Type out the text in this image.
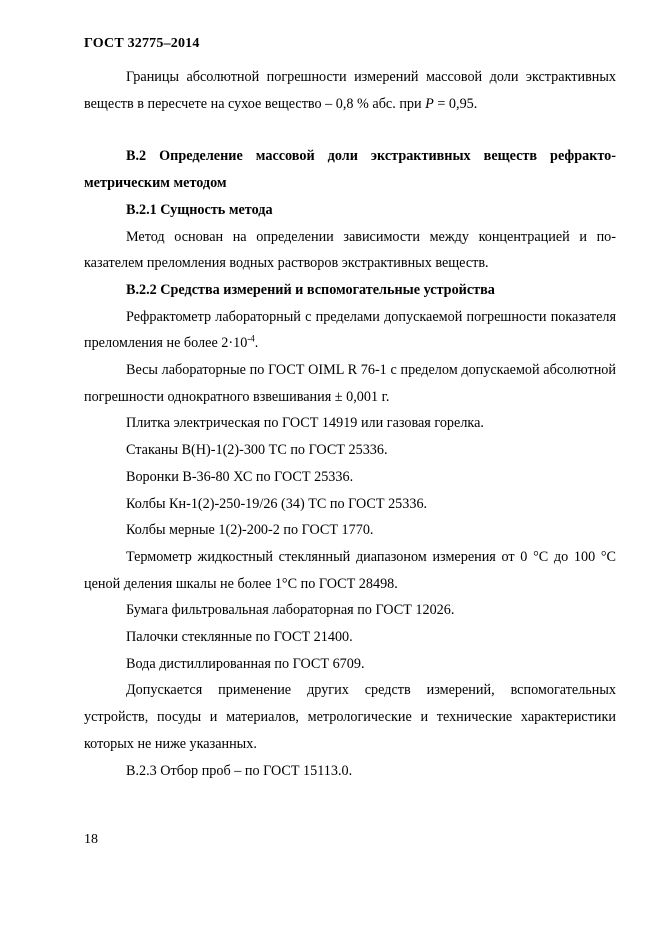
ГОСТ 32775–2014

Границы абсолютной погрешности измерений массовой доли экстрактивных веществ в пересчете на сухое вещество – 0,8 % абс. при P = 0,95.

В.2 Определение массовой доли экстрактивных веществ рефрактометрическим методом

В.2.1 Сущность метода

Метод основан на определении зависимости между концентрацией и показателем преломления водных растворов экстрактивных веществ.

В.2.2 Средства измерений и вспомогательные устройства

Рефрактометр лабораторный с пределами допускаемой погрешности показателя преломления не более $2\cdot 10^{-4}$.

Весы лабораторные по ГОСТ OIML R 76-1 с пределом допускаемой абсолютной погрешности однократного взвешивания ± 0,001 г.

Плитка электрическая по ГОСТ 14919 или газовая горелка.

Стаканы В(Н)-1(2)-300 ТС по ГОСТ 25336.

Воронки В-36-80 ХС по ГОСТ 25336.

Колбы Кн-1(2)-250-19/26 (34) ТС по ГОСТ 25336.

Колбы мерные 1(2)-200-2 по ГОСТ 1770.

Термометр жидкостный стеклянный диапазоном измерения от 0 °С до 100 °С ценой деления шкалы не более 1°С по ГОСТ 28498.

Бумага фильтровальная лабораторная по ГОСТ 12026.

Палочки стеклянные по ГОСТ 21400.

Вода дистиллированная по ГОСТ 6709.

Допускается применение других средств измерений, вспомогательных устройств, посуды и материалов, метрологические и технические характеристики которых не ниже указанных.

В.2.3 Отбор проб – по ГОСТ 15113.0.

18
